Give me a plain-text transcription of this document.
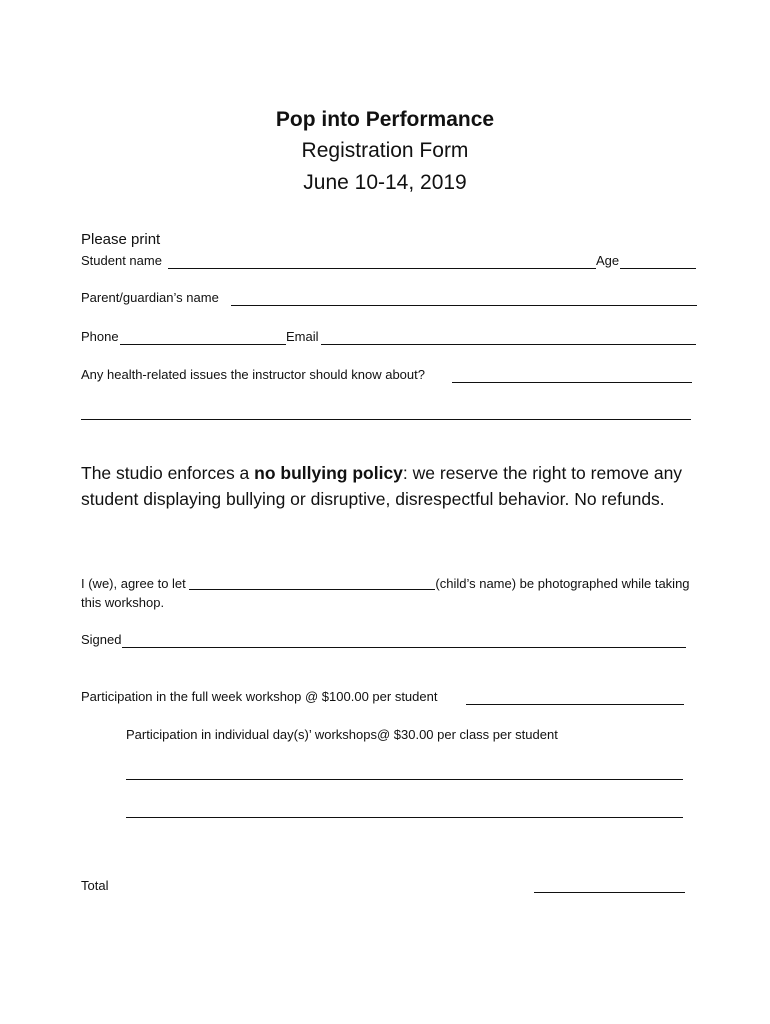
Pop into Performance
Registration Form
June 10-14, 2019
Please print
Student name	Age
Parent/guardian’s name
Phone	Email
Any health-related issues the instructor should know about?
The studio enforces a no bullying policy: we reserve the right to remove any student displaying bullying or disruptive, disrespectful behavior. No refunds.
I (we), agree to let	(child’s name) be photographed while taking this workshop.
Signed
Participation in the full week workshop @ $100.00 per student
Participation in individual day(s)’ workshops@ $30.00 per class per student
Total
